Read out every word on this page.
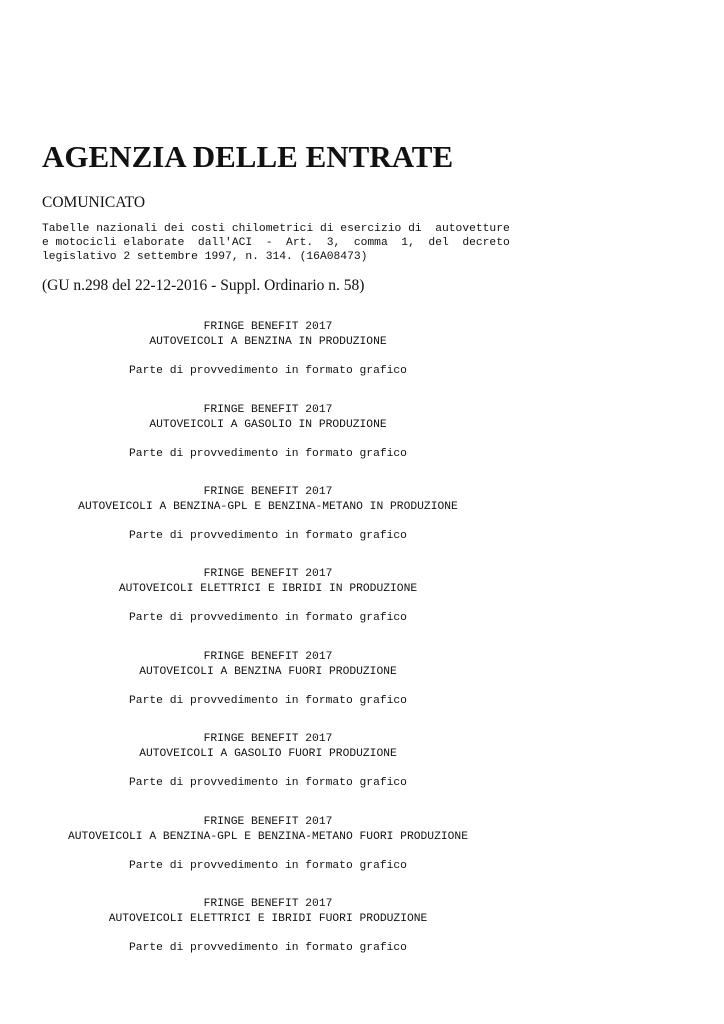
AGENZIA DELLE ENTRATE
COMUNICATO
Tabelle nazionali dei costi chilometrici di esercizio di  autovetture
e motocicli elaborate  dall'ACI  -  Art.  3,  comma  1,  del  decreto
legislativo 2 settembre 1997, n. 314. (16A08473)
(GU n.298 del 22-12-2016 - Suppl. Ordinario n. 58)
FRINGE BENEFIT 2017
AUTOVEICOLI A BENZINA IN PRODUZIONE
Parte di provvedimento in formato grafico
FRINGE BENEFIT 2017
AUTOVEICOLI A GASOLIO IN PRODUZIONE
Parte di provvedimento in formato grafico
FRINGE BENEFIT 2017
AUTOVEICOLI A BENZINA-GPL E BENZINA-METANO IN PRODUZIONE
Parte di provvedimento in formato grafico
FRINGE BENEFIT 2017
AUTOVEICOLI ELETTRICI E IBRIDI IN PRODUZIONE
Parte di provvedimento in formato grafico
FRINGE BENEFIT 2017
AUTOVEICOLI A BENZINA FUORI PRODUZIONE
Parte di provvedimento in formato grafico
FRINGE BENEFIT 2017
AUTOVEICOLI A GASOLIO FUORI PRODUZIONE
Parte di provvedimento in formato grafico
FRINGE BENEFIT 2017
AUTOVEICOLI A BENZINA-GPL E BENZINA-METANO FUORI PRODUZIONE
Parte di provvedimento in formato grafico
FRINGE BENEFIT 2017
AUTOVEICOLI ELETTRICI E IBRIDI FUORI PRODUZIONE
Parte di provvedimento in formato grafico
